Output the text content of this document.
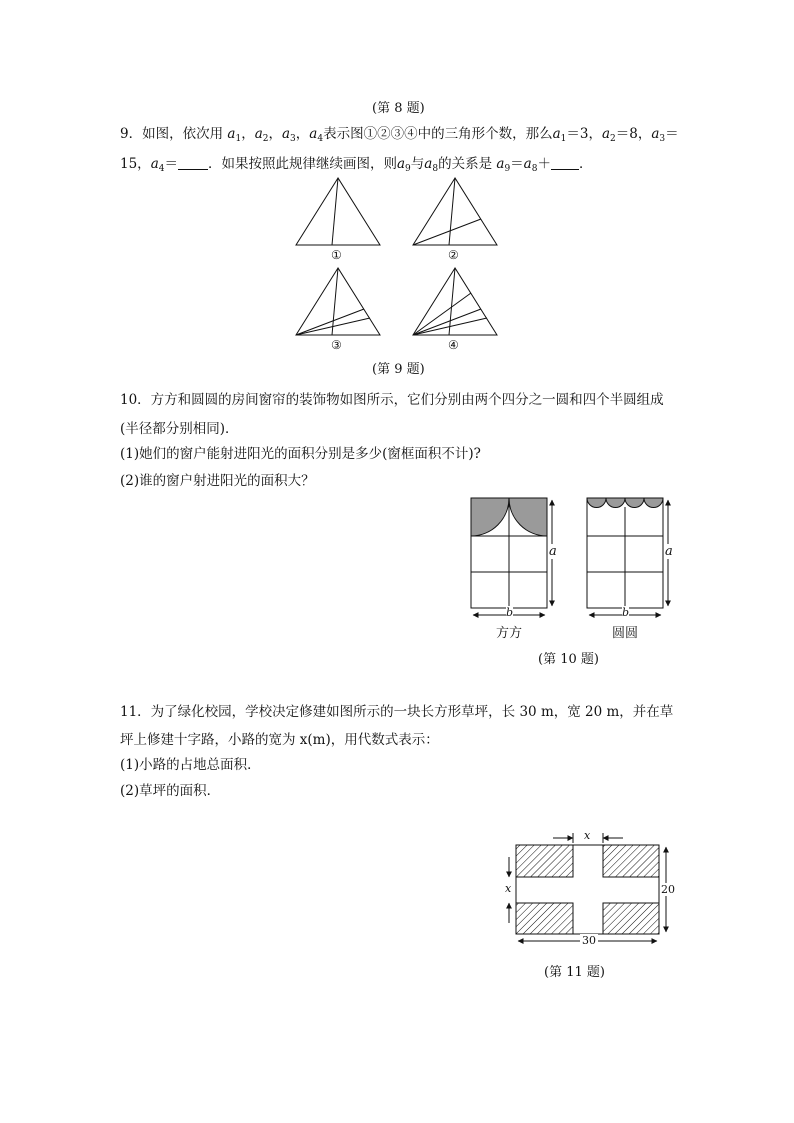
(第 8 题)
9．如图，依次用 $a_1$，$a_2$，$a_3$，$a_4$表示图①②③④中的三角形个数，那么$a_1=3$，$a_2=8$，$a_3=$
15，$a_4=$ ．如果按照此规律继续画图，则$a_9$与$a_8$的关系是 $a_9=a_8+$ ．
①	②
③	④
(第 9 题)
10．方方和圆圆的房间窗帘的装饰物如图所示，它们分别由两个四分之一圆和四个半圆组成
(半径都分别相同)．
(1)她们的窗户能射进阳光的面积分别是多少(窗框面积不计)?
(2)谁的窗户射进阳光的面积大？
a	a
b	b
方方	圆圆
(第 10 题)
11．为了绿化校园，学校决定修建如图所示的一块长方形草坪，长 30 m，宽 20 m，并在草
坪上修建十字路，小路的宽为 x(m)，用代数式表示：
(1)小路的占地总面积．
(2)草坪的面积．
x
x	20
30
(第 11 题)
